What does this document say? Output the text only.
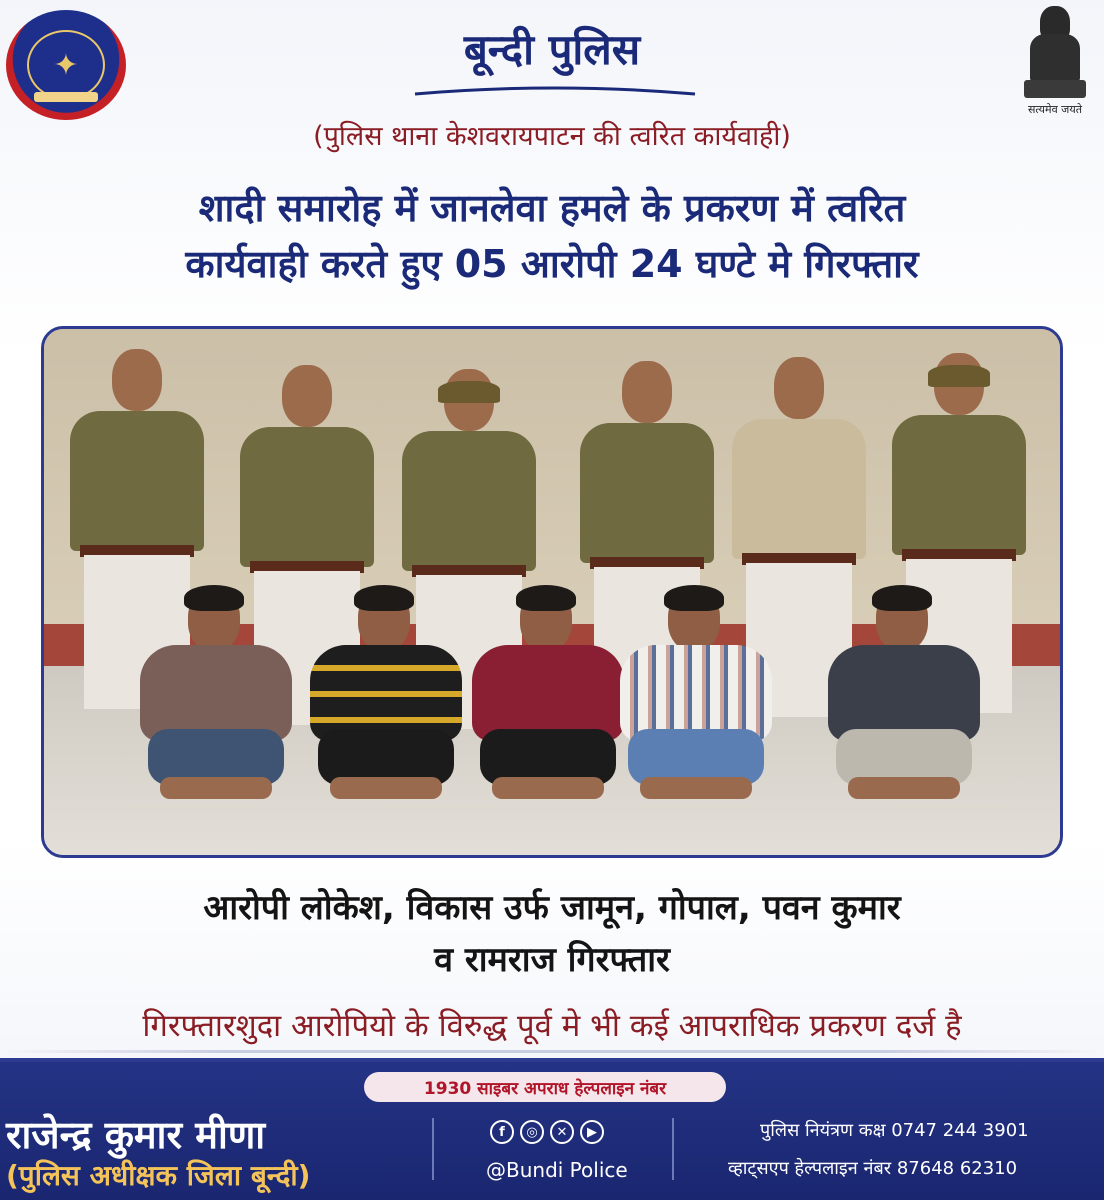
✦	बून्दी पुलिस
सत्यमेव जयते
(पुलिस थाना केशवरायपाटन की त्वरित कार्यवाही)
शादी समारोह में जानलेवा हमले के प्रकरण में त्वरित
कार्यवाही करते हुए 05 आरोपी 24 घण्टे मे गिरफ्तार
आरोपी लोकेश, विकास उर्फ जामून, गोपाल, पवन कुमार
व रामराज गिरफ्तार
गिरफ्तारशुदा आरोपियो के विरुद्ध पूर्व मे भी कई आपराधिक प्रकरण दर्ज है
1930 साइबर अपराध हेल्पलाइन नंबर
राजेन्द्र कुमार मीणा
(पुलिस अधीक्षक जिला बून्दी)
f	◎	✕	▶
@Bundi Police
पुलिस नियंत्रण कक्ष 0747 244 3901
व्हाट्सएप हेल्पलाइन नंबर 87648 62310
